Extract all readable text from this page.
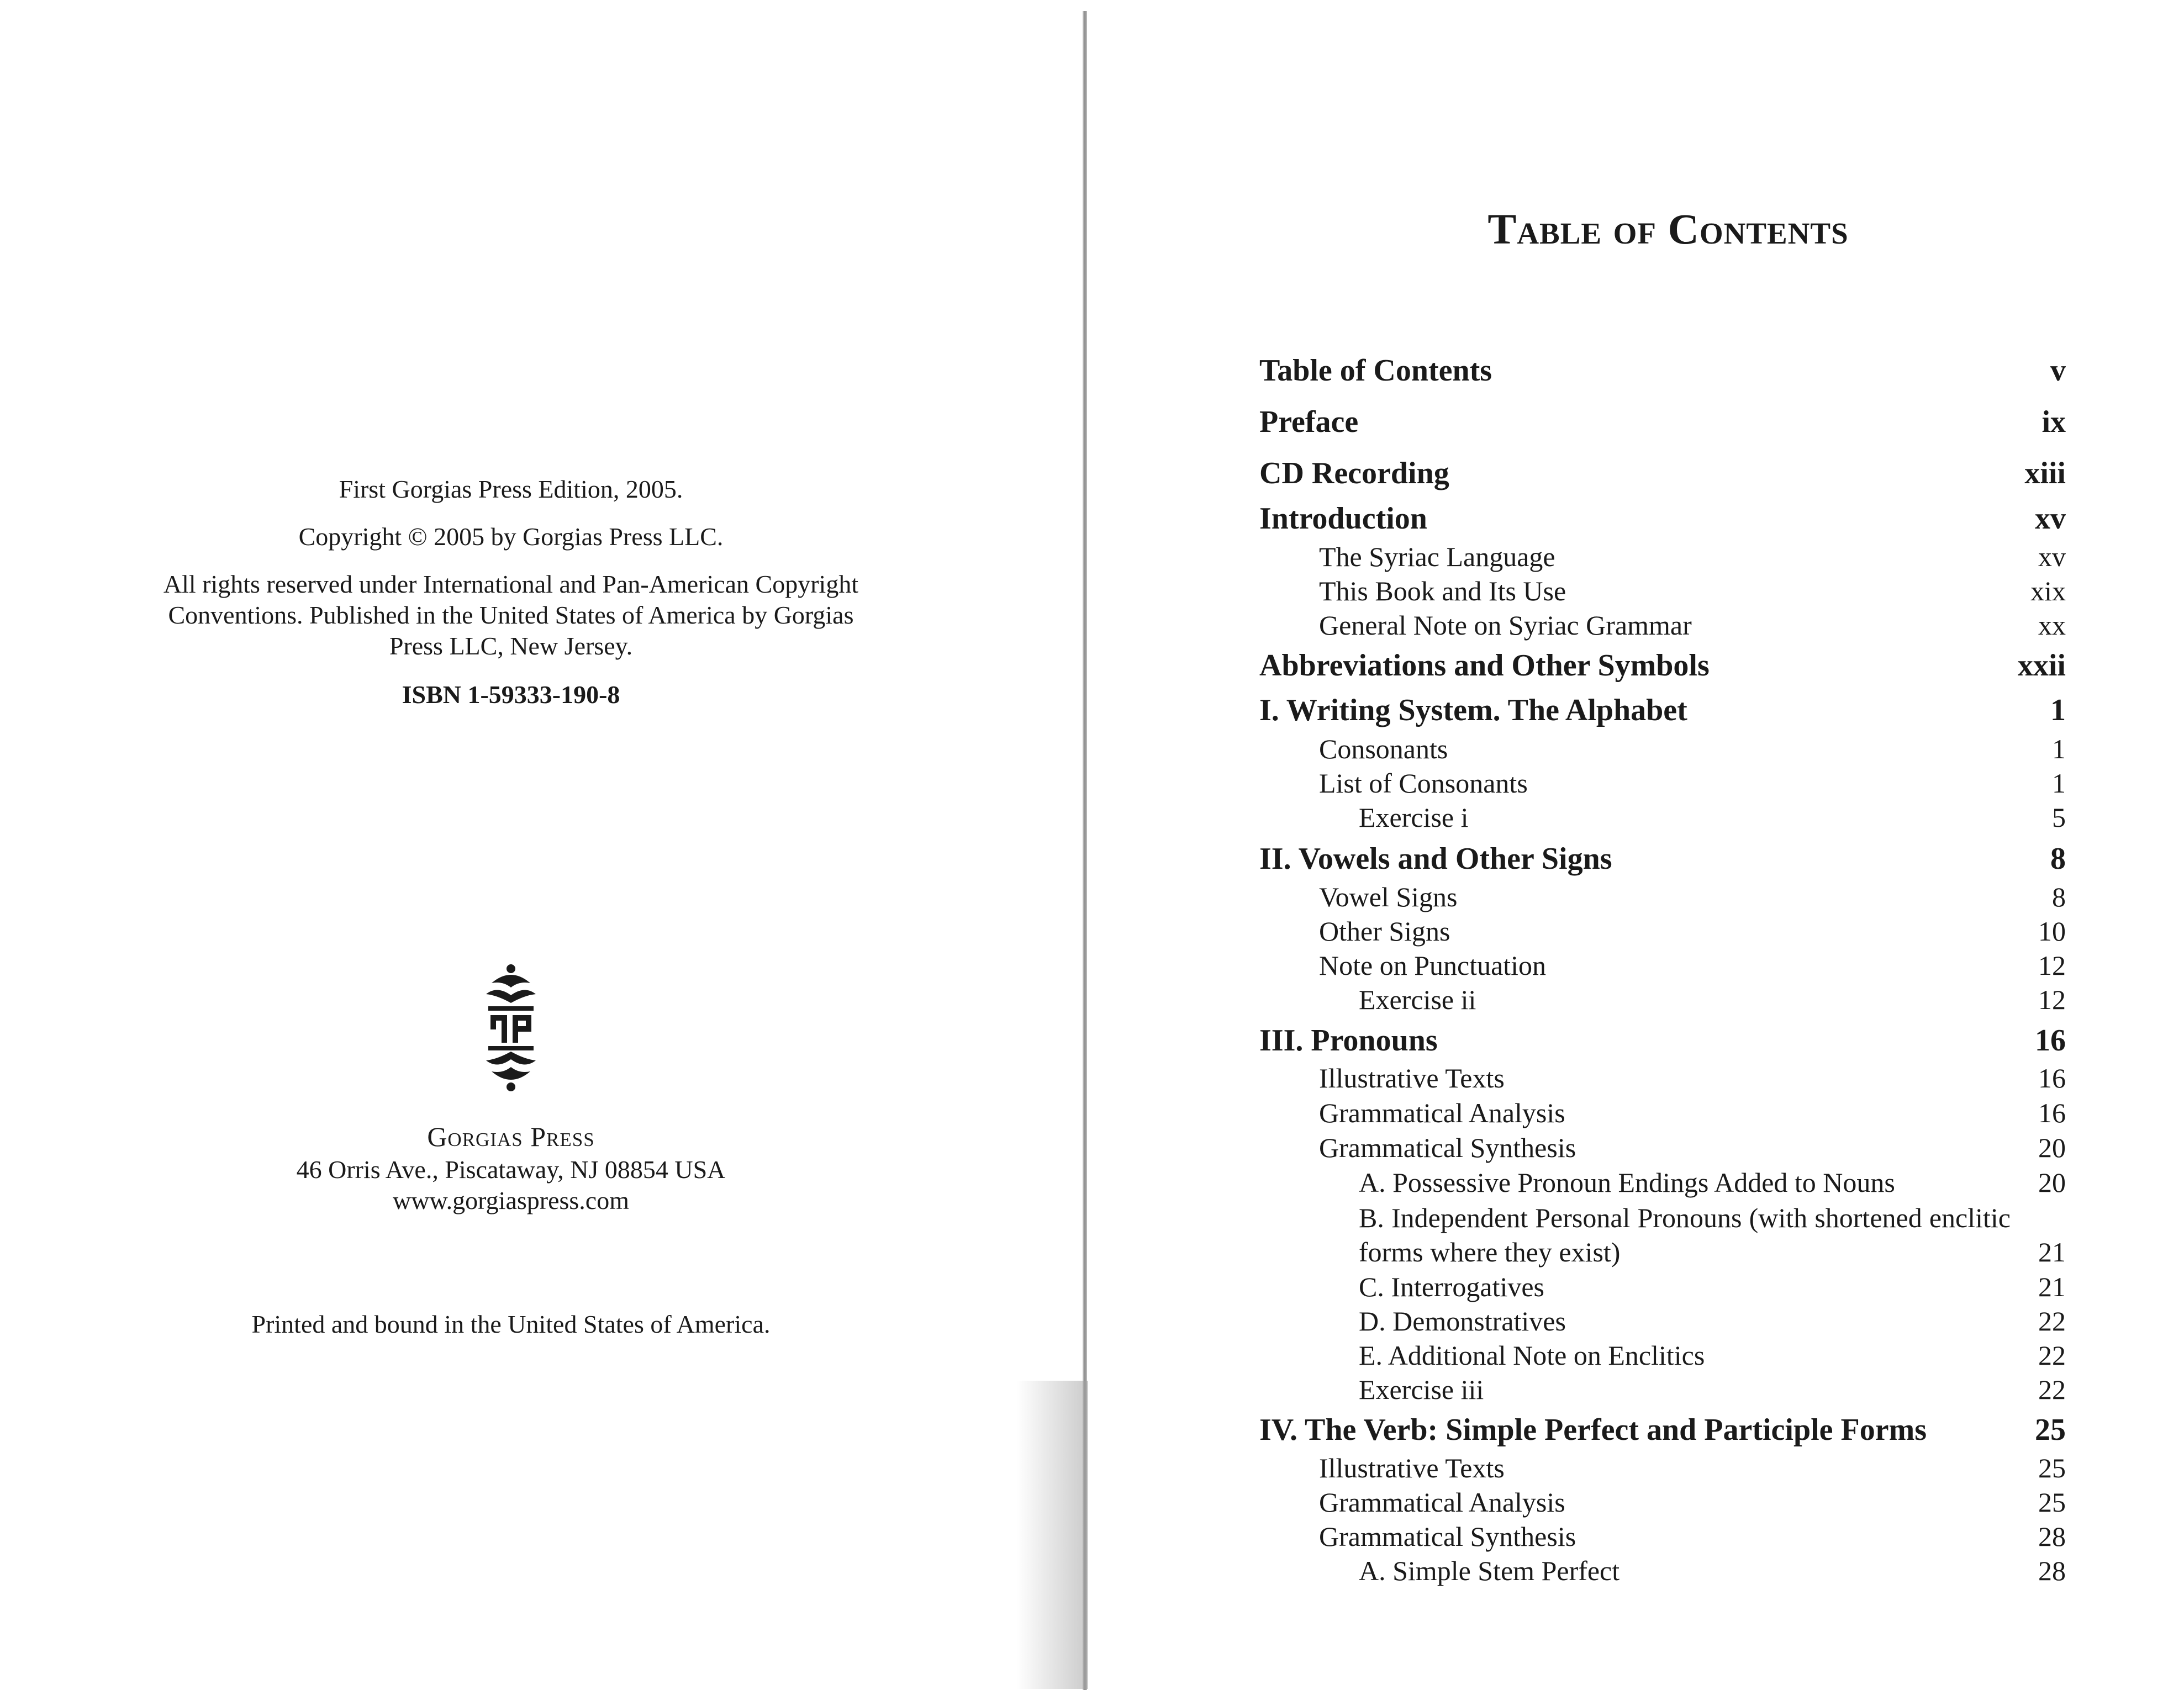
First Gorgias Press Edition, 2005.
Copyright © 2005 by Gorgias Press LLC.
All rights reserved under International and Pan-American Copyright
Conventions. Published in the United States of America by Gorgias
Press LLC, New Jersey.
ISBN 1-59333-190-8
Gorgias Press
46 Orris Ave., Piscataway, NJ 08854 USA
www.gorgiaspress.com
Printed and bound in the United States of America.
Table of Contents
Table of Contents	v
Preface	ix
CD Recording	xiii
Introduction	xv
The Syriac Language	xv
This Book and Its Use	xix
General Note on Syriac Grammar	xx
Abbreviations and Other Symbols	xxii
I. Writing System. The Alphabet	1
Consonants	1
List of Consonants	1
Exercise i	5
II. Vowels and Other Signs	8
Vowel Signs	8
Other Signs	10
Note on Punctuation	12
Exercise ii	12
III. Pronouns	16
Illustrative Texts	16
Grammatical Analysis	16
Grammatical Synthesis	20
A. Possessive Pronoun Endings Added to Nouns	20
B. Independent Personal Pronouns (with shortened enclitic forms where they exist)	21
C. Interrogatives	21
D. Demonstratives	22
E. Additional Note on Enclitics	22
Exercise iii	22
IV. The Verb: Simple Perfect and Participle Forms	25
Illustrative Texts	25
Grammatical Analysis	25
Grammatical Synthesis	28
A. Simple Stem Perfect	28
